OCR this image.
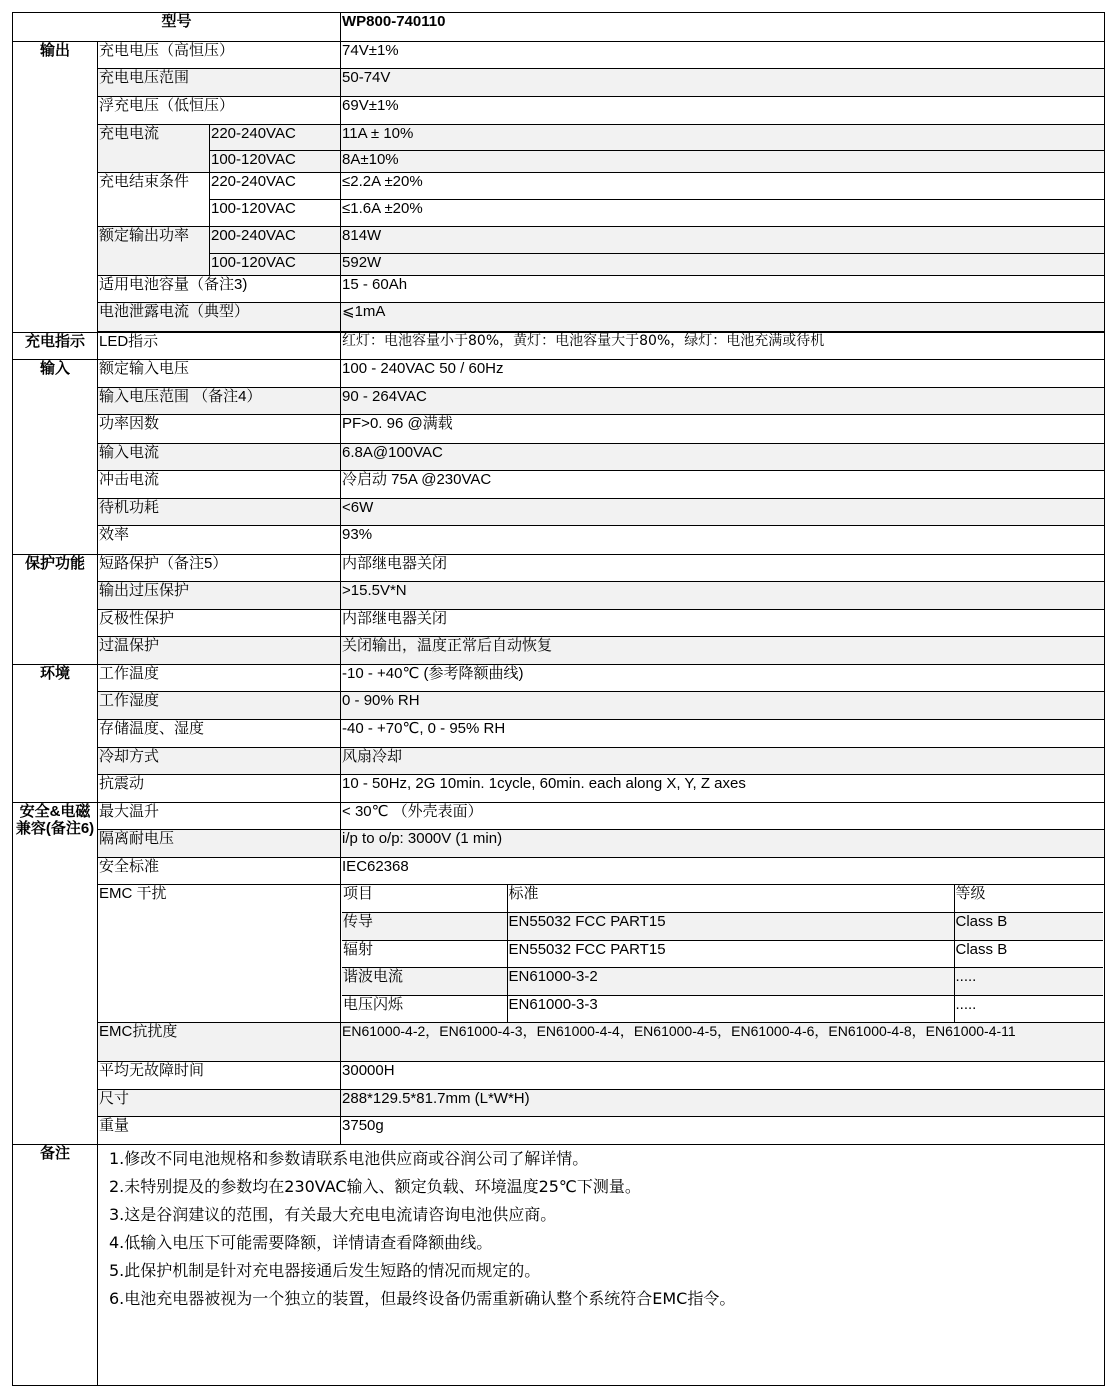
型号	WP800-740110
输出	充电电压（高恒压）	74V±1%
充电电压范围	50-74V
浮充电压（低恒压）	69V±1%
充电电流	220-240VAC	11A ± 10%
100-120VAC	8A±10%
充电结束条件	220-240VAC	≤2.2A ±20%
100-120VAC	≤1.6A ±20%
额定输出功率	200-240VAC	814W
100-120VAC	592W
适用电池容量（备注3)	15 - 60Ah
电池泄露电流（典型）	⩽1mA

充电指示	LED指示	红灯：电池容量小于80%，黄灯：电池容量大于80%，绿灯：电池充满或待机
输入	额定输入电压	100 - 240VAC 50 / 60Hz
输入电压范围 （备注4）	90 - 264VAC
功率因数	PF>0. 96 @满载
输入电流	6.8A@100VAC
冲击电流	冷启动 75A @230VAC
待机功耗	<6W
效率	93%
保护功能	短路保护（备注5）	内部继电器关闭
输出过压保护	>15.5V*N
反极性保护	内部继电器关闭
过温保护	关闭输出，温度正常后自动恢复
环境	工作温度	-10 - +40℃ (参考降额曲线)
工作湿度	0 - 90% RH
存储温度、湿度	-40 - +70℃, 0 - 95% RH
冷却方式	风扇冷却
抗震动	10 - 50Hz, 2G 10min. 1cycle, 60min. each along X, Y, Z axes
安全&电磁兼容(备注6)	最大温升	< 30℃ （外壳表面）
隔离耐电压	i/p to o/p: 3000V (1 min)
安全标准	IEC62368
EMC 干扰		项目	标准	等级
传导	EN55032 FCC PART15	Class B
辐射	EN55032 FCC PART15	Class B
谐波电流	EN61000-3-2	.....
电压闪烁	EN61000-3-3	.....

EMC抗扰度	EN61000-4-2，EN61000-4-3，EN61000-4-4，EN61000-4-5，EN61000-4-6，EN61000-4-8，EN61000-4-11
平均无故障时间	30000H
尺寸	288*129.5*81.7mm (L*W*H)
重量	3750g
备注	1.修改不同电池规格和参数请联系电池供应商或谷润公司了解详情。
2.未特别提及的参数均在230VAC输入、额定负载、环境温度25℃下测量。
3.这是谷润建议的范围，有关最大充电电流请咨询电池供应商。
4.低输入电压下可能需要降额，详情请查看降额曲线。
5.此保护机制是针对充电器接通后发生短路的情况而规定的。
6.电池充电器被视为一个独立的装置，但最终设备仍需重新确认整个系统符合EMC指令。
